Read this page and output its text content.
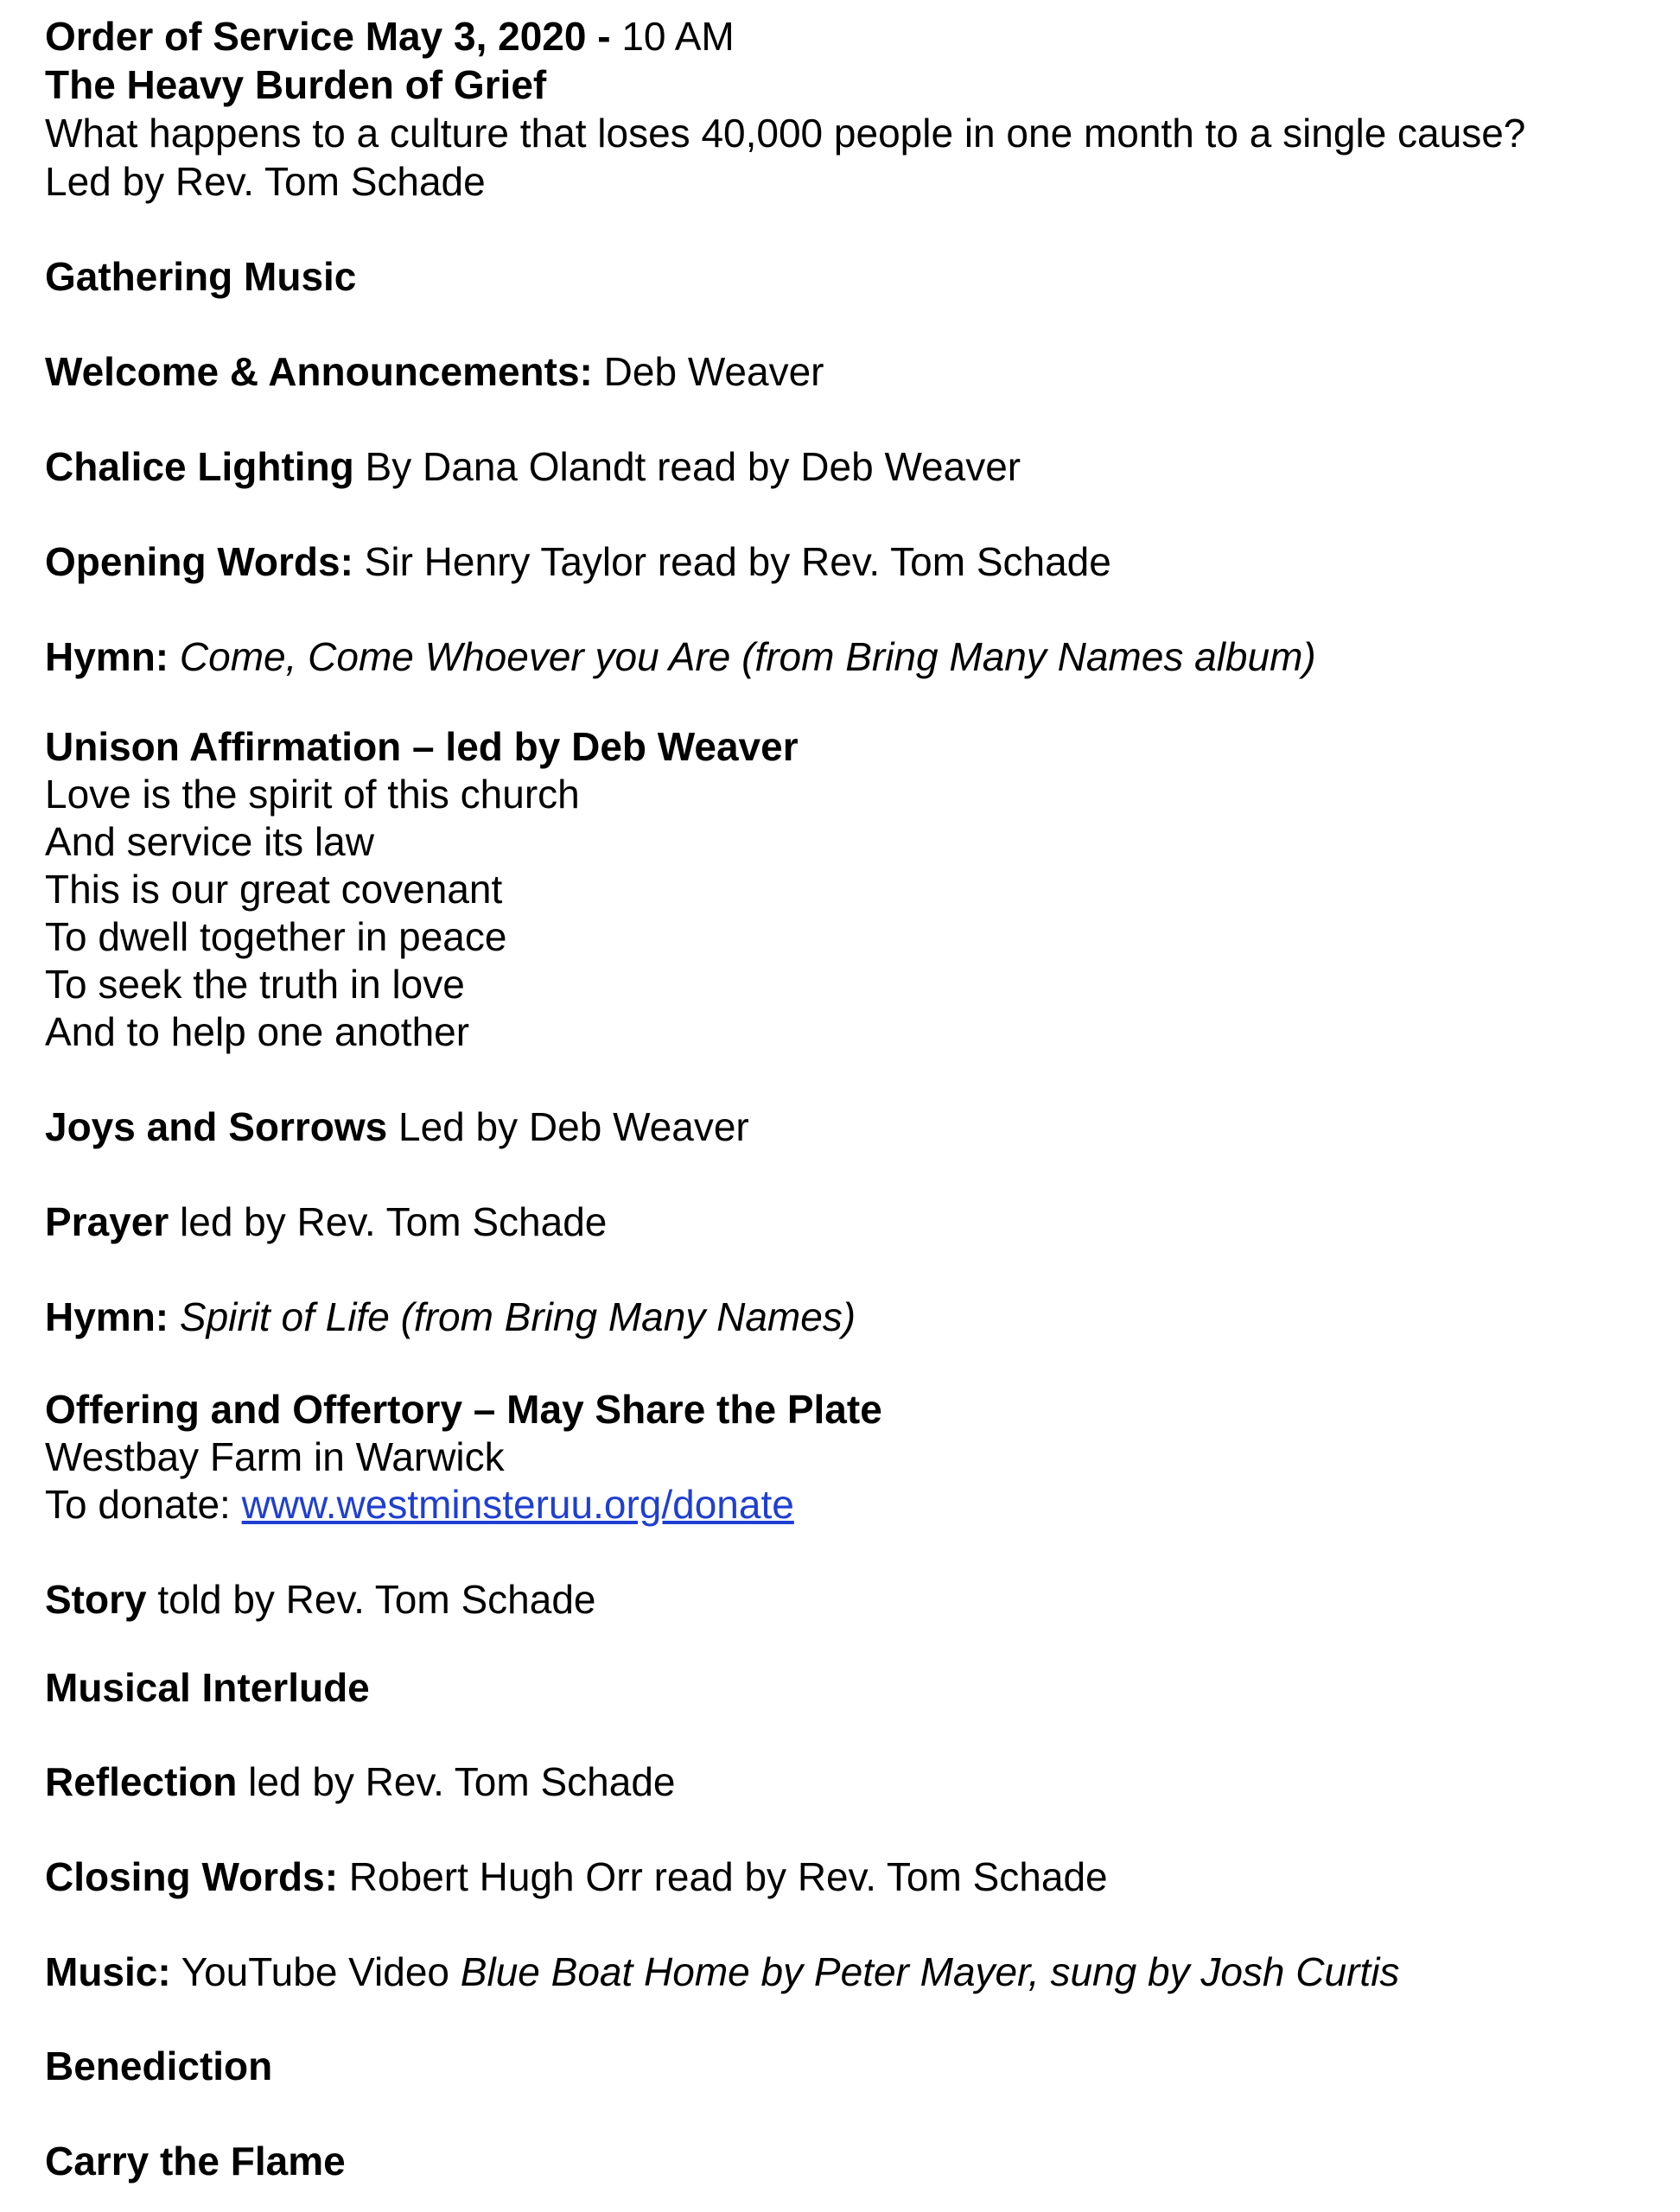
Order of Service May 3, 2020 - 10 AM
The Heavy Burden of Grief
What happens to a culture that loses 40,000 people in one month to a single cause?
Led by Rev. Tom Schade
Gathering Music
Welcome & Announcements: Deb Weaver
Chalice Lighting By Dana Olandt read by Deb Weaver
Opening Words: Sir Henry Taylor read by Rev. Tom Schade
Hymn: Come, Come Whoever you Are (from Bring Many Names album)
Unison Affirmation – led by Deb Weaver
Love is the spirit of this church
And service its law
This is our great covenant
To dwell together in peace
To seek the truth in love
And to help one another
Joys and Sorrows Led by Deb Weaver
Prayer led by Rev. Tom Schade
Hymn: Spirit of Life (from Bring Many Names)
Offering and Offertory – May Share the Plate
Westbay Farm in Warwick
To donate: www.westminsteruu.org/donate
Story told by Rev. Tom Schade
Musical Interlude
Reflection led by Rev. Tom Schade
Closing Words: Robert Hugh Orr read by Rev. Tom Schade
Music: YouTube Video Blue Boat Home by Peter Mayer, sung by Josh Curtis
Benediction
Carry the Flame
